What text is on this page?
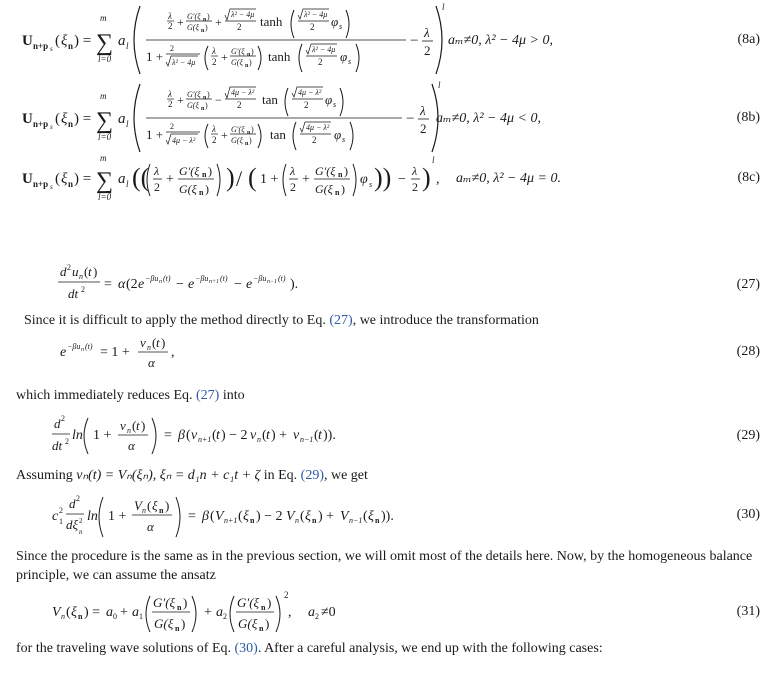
U n+p s ( ξ n ) =
m
∑
l=0
a l
λ
2 + G′(ξ n )
G(ξ n ) +
λ² − 4μ
2 tanh	λ² − 4μ
2 φ s
1 +
2
λ² − 4μ
λ
2 + G′(ξ n )
G(ξ n ) tanh	λ² − 4μ
2 φ s
−
λ
2
l
aₘ≠0, λ² − 4μ > 0,	(8a)
U n+p s ( ξ n ) =
m
∑
l=0
a l
λ
2 + G′(ξ n )
G(ξ n ) −
4μ − λ²
2 tan	4μ − λ²
2 φ s
1 +
2
4μ − λ²
λ
2 + G′(ξ n )
G(ξ n ) tan	4μ − λ²
2 φ s
−
λ
2
l
aₘ≠0, λ² − 4μ < 0,	(8b)
U n+p s ( ξ n ) =
m
∑
l=0
a l (( λ
2 +
G′(ξ n )
G(ξ n ) ) / ( 1 +
λ
2 +
G′(ξ n )
G(ξ n )
φ s )) −
λ
2 )
l
, aₘ≠0, λ² − 4μ = 0.	(8c)
d 2 u n ( t )
dt 2 = α (2 e −βu n (t) − e −βu n+1 (t) − e −βu n−1 (t) ).	(27)
Since it is difficult to apply the method directly to Eq. (27), we introduce the transformation
e −βu n (t) = 1 +
v n ( t )
α
,	(28)
which immediately reduces Eq. (27) into
d 2
dt 2 ln 1 +
v n ( t )
α
= β ( v n+1 ( t ) − 2 v n ( t ) + v n−1 ( t )).	(29)
Assuming vₙ(t) = Vₙ(ξₙ), ξₙ = d₁n + c₁t + ζ in Eq. (29), we get
c 2
1
d 2
dξ 2
n
ln 1 +
V n ( ξ n )
α
= β ( V n+1 ( ξ n ) − 2 V n ( ξ n ) + V n−1 ( ξ n )).	(30)
Since the procedure is the same as in the previous section, we will omit most of the details here. Now, by the homogeneous balance principle, we can assume the ansatz
V n ( ξ n ) = a 0 + a 1
G′(ξ n )
G(ξ n )
+ a 2
G′(ξ n )
G(ξ n )
2
, a 2 ≠0	(31)
for the traveling wave solutions of Eq. (30). After a careful analysis, we end up with the following cases:
